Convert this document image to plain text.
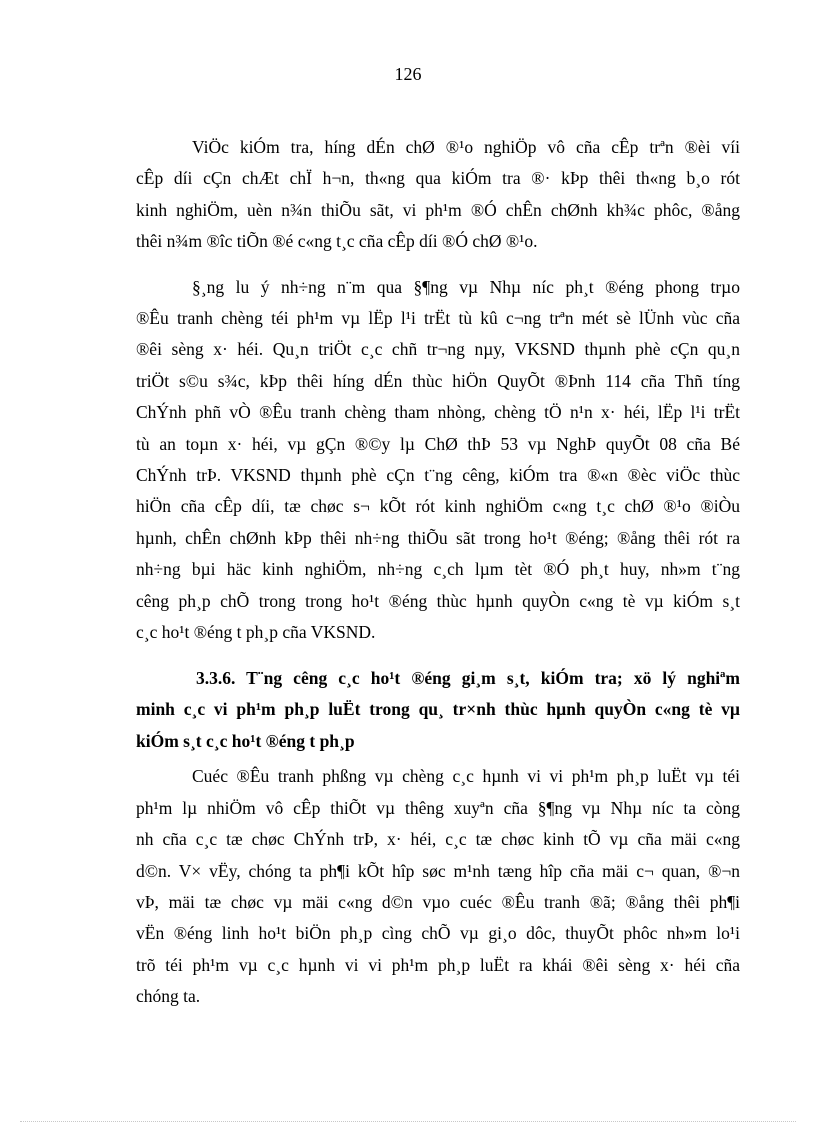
126

ViÖc kiÓm tra, híng dÉn chØ ®¹o nghiÖp vô cña cÊp trªn ®èi víi
cÊp díi cÇn chÆt chÏ h¬n, th«ng qua kiÓm tra ®· kÞp thêi th«ng b¸o rót
kinh nghiÖm, uèn n¾n thiÕu sãt, vi ph¹m ®Ó chÊn chØnh kh¾c phôc, ®ång
thêi n¾m ®îc tiÕn ®é c«ng t¸c cña cÊp díi ®Ó chØ ®¹o.

§¸ng lu ý nh÷ng n¨m qua §¶ng vµ Nhµ níc ph¸t ®éng phong trµo
®Êu tranh chèng téi ph¹m vµ lËp l¹i trËt tù kû c¬ng trªn mét sè lÜnh vùc cña
®êi sèng x· héi. Qu¸n triÖt c¸c chñ tr¬ng nµy, VKSND thµnh phè cÇn qu¸n
triÖt s©u s¾c, kÞp thêi híng dÉn thùc hiÖn QuyÕt ®Þnh 114 cña Thñ tíng
ChÝnh phñ vÒ ®Êu tranh chèng tham nhòng, chèng tÖ n¹n x· héi, lËp l¹i trËt
tù an toµn x· héi, vµ gÇn ®©y lµ ChØ thÞ 53 vµ NghÞ quyÕt 08 cña Bé
ChÝnh trÞ. VKSND thµnh phè cÇn t¨ng cêng, kiÓm tra ®«n ®èc viÖc thùc
hiÖn cña cÊp díi, tæ chøc s¬ kÕt rót kinh nghiÖm c«ng t¸c chØ ®¹o ®iÒu
hµnh, chÊn chØnh kÞp thêi nh÷ng thiÕu sãt trong ho¹t ®éng; ®ång thêi rót ra
nh÷ng bµi häc kinh nghiÖm, nh÷ng c¸ch lµm tèt ®Ó ph¸t huy, nh»m t¨ng
cêng ph¸p chÕ trong trong ho¹t ®éng thùc hµnh quyÒn c«ng tè vµ kiÓm s¸t
c¸c ho¹t ®éng t ph¸p cña VKSND.

3.3.6. T¨ng cêng c¸c ho¹t ®éng gi¸m s¸t, kiÓm tra; xö lý nghiªm
minh c¸c vi ph¹m ph¸p luËt trong qu¸ tr×nh thùc hµnh quyÒn c«ng tè vµ
kiÓm s¸t c¸c ho¹t ®éng t ph¸p

Cuéc ®Êu tranh phßng vµ chèng c¸c hµnh vi vi ph¹m ph¸p luËt vµ téi
ph¹m lµ nhiÖm vô cÊp thiÕt vµ thêng xuyªn cña §¶ng vµ Nhµ níc ta còng
nh cña c¸c tæ chøc ChÝnh trÞ, x· héi, c¸c tæ chøc kinh tÕ vµ cña mäi c«ng
d©n. V× vËy, chóng ta ph¶i kÕt hîp søc m¹nh tæng hîp cña mäi c¬ quan, ®¬n
vÞ, mäi tæ chøc vµ mäi c«ng d©n vµo cuéc ®Êu tranh ®ã; ®ång thêi ph¶i
vËn ®éng linh ho¹t biÖn ph¸p cìng chÕ vµ gi¸o dôc, thuyÕt phôc nh»m lo¹i
trõ téi ph¹m vµ c¸c hµnh vi vi ph¹m ph¸p luËt ra khái ®êi sèng x· héi cña
chóng ta.
